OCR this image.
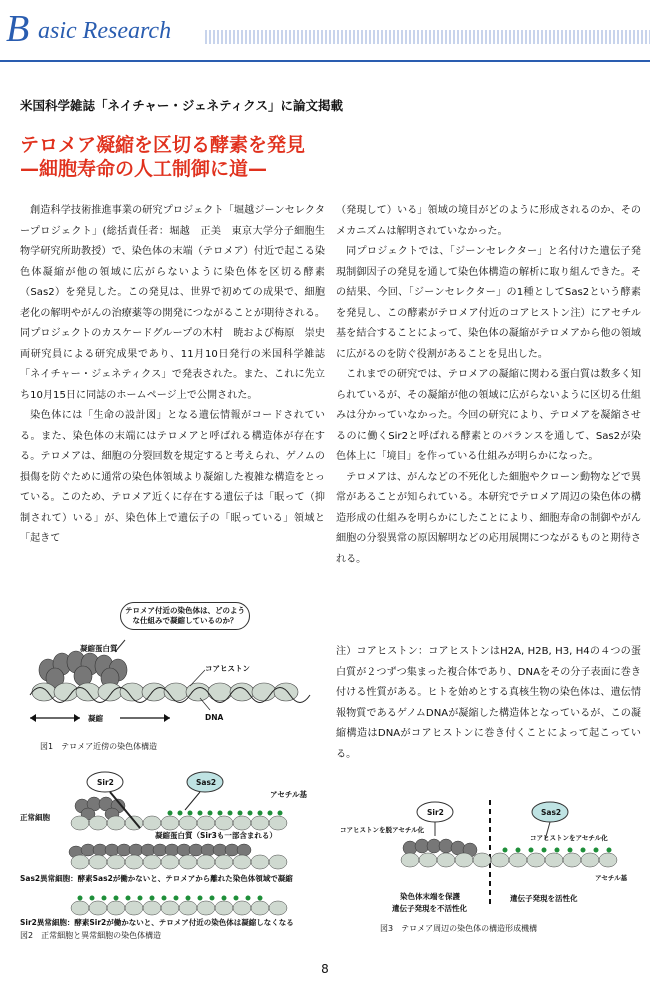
B asic Research
米国科学雑誌「ネイチャー・ジェネティクス」に論文掲載
テロメア凝縮を区切る酵素を発見
—細胞寿命の人工制御に道—

創造科学技術推進事業の研究プロジェクト「堀越ジーンセレクタープロジェクト」(総括責任者：堀越　正美　東京大学分子細胞生物学研究所助教授）で、染色体の末端（テロメア）付近で起こる染色体凝縮が他の領域に広がらないように染色体を区切る酵素（Sas2）を発見した。この発見は、世界で初めての成果で、細胞老化の解明やがんの治療薬等の開発につながることが期待される。同プロジェクトのカスケードグループの木村　暁および梅原　崇史両研究員による研究成果であり、11月10日発行の米国科学雑誌「ネイチャー・ジェネティクス」で発表された。また、これに先立ち10月15日に同誌のホームページ上で公開された。

染色体には「生命の設計図」となる遺伝情報がコードされている。また、染色体の末端にはテロメアと呼ばれる構造体が存在する。テロメアは、細胞の分裂回数を規定すると考えられ、ゲノムの損傷を防ぐために通常の染色体領域より凝縮した複雑な構造をとっている。このため、テロメア近くに存在する遺伝子は「眠って（抑制されて）いる」が、染色体上で遺伝子の「眠っている」領域と「起きて

（発現して）いる」領域の境目がどのように形成されるのか、そのメカニズムは解明されていなかった。

同プロジェクトでは、「ジーンセレクター」と名付けた遺伝子発現制御因子の発見を通して染色体構造の解析に取り組んできた。その結果、今回、「ジーンセレクター」の1種としてSas2という酵素を発見し、この酵素がテロメア付近のコアヒストン注）にアセチル基を結合することによって、染色体の凝縮がテロメアから他の領域に広がるのを防ぐ役割があることを見出した。

これまでの研究では、テロメアの凝縮に関わる蛋白質は数多く知られているが、その凝縮が他の領域に広がらないように区切る仕組みは分かっていなかった。今回の研究により、テロメアを凝縮させるのに働くSir2と呼ばれる酵素とのバランスを通して、Sas2が染色体上に「境目」を作っている仕組みが明らかになった。

テロメアは、がんなどの不死化した細胞やクローン動物などで異常があることが知られている。本研究でテロメア周辺の染色体の構造形成の仕組みを明らかにしたことにより、細胞寿命の制御やがん細胞の分裂異常の原因解明などの応用展開につながるものと期待される。

注）コアヒストン：コアヒストンはH2A, H2B, H3, H4の４つの蛋白質が２つずつ集まった複合体であり、DNAをその分子表面に巻き付ける性質がある。ヒトを始めとする真核生物の染色体は、遺伝情報物質であるゲノムDNAが凝縮した構造体となっているが、この凝縮構造はDNAがコアヒストンに巻き付くことによって起こっている。

テロメア付近の染色体は、どのような仕組みで凝縮しているのか？
凝縮蛋白質
コアヒストン
DNA
凝縮
図1　テロメア近傍の染色体構造
Sir2	Sas2
アセチル基
正常細胞
凝縮蛋白質（Sir3も一部含まれる）
Sas2異常細胞：酵素Sas2が働かないと、テロメアから離れた染色体領域で凝縮
Sir2異常細胞：酵素Sir2が働かないと、テロメア付近の染色体は凝縮しなくなる
図2　正常細胞と異常細胞の染色体構造
Sir2	Sas2
コアヒストンを脱アセチル化
コアヒストンをアセチル化
アセチル基
染色体末端を保護
遺伝子発現を不活性化
遺伝子発現を活性化
図3　テロメア周辺の染色体の構造形成機構
8
